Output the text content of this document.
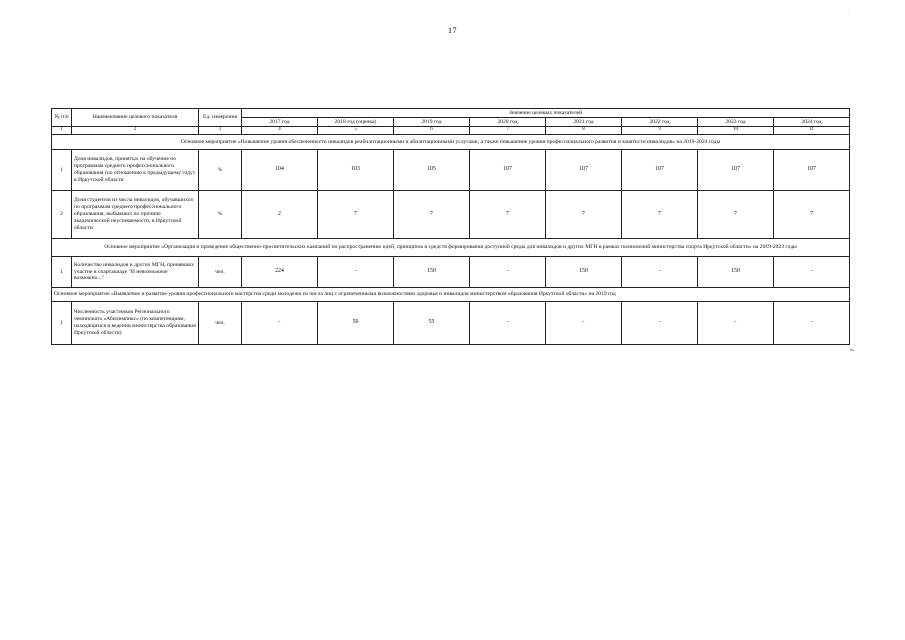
17
·
№ п/п	Наименование целевого показателя	Ед. измерения	Значение целевых показателей							
			2017 год	2018 год (оценка)	2019 год	2020 год	2021 год	2022 год	2023 год	2024 год
1	2	3	4	5	6	7	8	9	10	11
Основное мероприятие «Повышение уровня обеспеченности инвалидов реабилитационными и абилитационными услугами, а также повышение уровня профессионального развития и занятости инвалидов» на 2019-2024 годы										
1	Доля инвалидов, принятых на обучение по программам среднего профессионального образования (по отношению к предыдущему году) в Иркутской области	%	104	103	105	107	107	107	107	107
2	Доля студентов из числа инвалидов, обучавшихся по программам среднего профессионального образования, выбывших по причине академической неуспеваемости, в Иркутской области	%	2	7	7	7	7	7	7	7
Основное мероприятие «Организация и проведение общественно-просветительских кампаний по распространению идей, принципов и средств формирования доступной среды для инвалидов и других МГН в рамках полномочий министерства спорта Иркутской области» на 2019-2023 годы										
1	Количество инвалидов и других МГН, принявших участие в спартакиаде "И невозможное возможно..."	чел.	224	-	150	-	150	-	150	-
Основное мероприятие «Выявление и развитие уровня профессионального мастерства среди молодежи из числа лиц с ограниченными возможностями здоровья и инвалидов министерством образования Иркутской области» на 2019 год										
1	Численность участников Регионального чемпионата «Абилимпикс» (по компетенциям, находящимся в ведении министерства образования Иркутской области)	чел.	-	50	55	-	-	-	-	-
».
